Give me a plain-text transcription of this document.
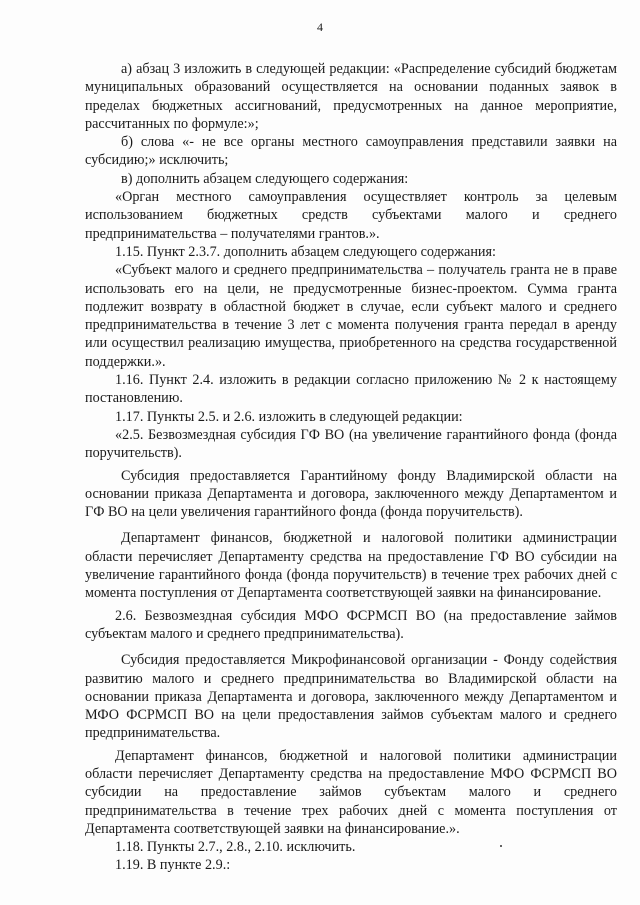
4

а) абзац 3 изложить в следующей редакции: «Распределение субсидий бюджетам муниципальных образований осуществляется на основании поданных заявок в пределах бюджетных ассигнований, предусмотренных на данное мероприятие, рассчитанных по формуле:»;

б) слова «- не все органы местного самоуправления представили заявки на субсидию;» исключить;

в) дополнить абзацем следующего содержания:

«Орган местного самоуправления осуществляет контроль за целевым использованием бюджетных средств субъектами малого и среднего предпринимательства – получателями грантов.».

1.15. Пункт 2.3.7. дополнить абзацем следующего содержания:

«Субъект малого и среднего предпринимательства – получатель гранта не в праве использовать его на цели, не предусмотренные бизнес-проектом. Сумма гранта подлежит возврату в областной бюджет в случае, если субъект малого и среднего предпринимательства в течение 3 лет с момента получения гранта передал в аренду или осуществил реализацию имущества, приобретенного на средства государственной поддержки.».

1.16. Пункт 2.4. изложить в редакции согласно приложению № 2 к настоящему постановлению.

1.17. Пункты 2.5. и 2.6. изложить в следующей редакции:

«2.5. Безвозмездная субсидия ГФ ВО (на увеличение гарантийного фонда (фонда поручительств).

Субсидия предоставляется Гарантийному фонду Владимирской области на основании приказа Департамента и договора, заключенного между Департаментом и ГФ ВО на цели увеличения гарантийного фонда (фонда поручительств).

Департамент финансов, бюджетной и налоговой политики администрации области перечисляет Департаменту средства на предоставление ГФ ВО субсидии на увеличение гарантийного фонда (фонда поручительств) в течение трех рабочих дней с момента поступления от Департамента соответствующей заявки на финансирование.

2.6. Безвозмездная субсидия МФО ФСРМСП ВО (на предоставление займов субъектам малого и среднего предпринимательства).

Субсидия предоставляется Микрофинансовой организации - Фонду содействия развитию малого и среднего предпринимательства во Владимирской области на основании приказа Департамента и договора, заключенного между Департаментом и МФО ФСРМСП ВО на цели предоставления займов субъектам малого и среднего предпринимательства.

Департамент финансов, бюджетной и налоговой политики администрации области перечисляет Департаменту средства на предоставление МФО ФСРМСП ВО субсидии на предоставление займов субъектам малого и среднего предпринимательства в течение трех рабочих дней с момента поступления от Департамента соответствующей заявки на финансирование.».

1.18. Пункты 2.7., 2.8., 2.10. исключить.

1.19. В пункте 2.9.:
